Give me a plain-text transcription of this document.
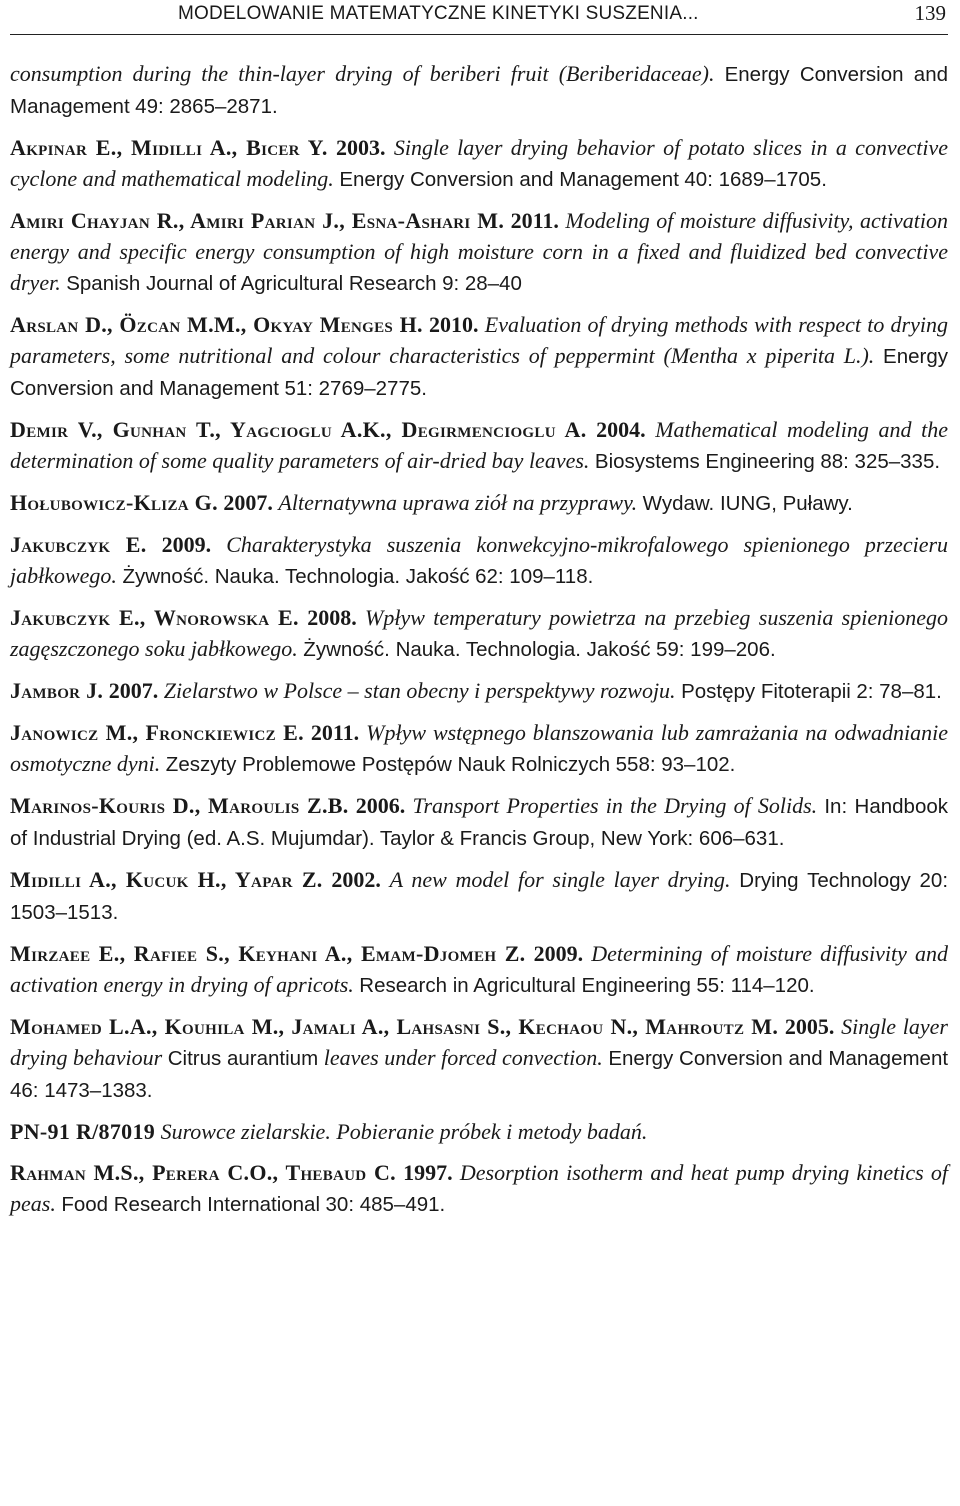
MODELOWANIE MATEMATYCZNE KINETYKI SUSZENIA...	139

consumption during the thin-layer drying of beriberi fruit (Beriberidaceae). Energy Conversion and Management 49: 2865–2871.

Akpinar E., Midilli A., Bicer Y. 2003. Single layer drying behavior of potato slices in a convective cyclone and mathematical modeling. Energy Conversion and Management 40: 1689–1705.

Amiri Chayjan R., Amiri Parian J., Esna-Ashari M. 2011. Modeling of moisture diffusivity, activation energy and specific energy consumption of high moisture corn in a fixed and fluidized bed convective dryer. Spanish Journal of Agricultural Research 9: 28–40

Arslan D., Özcan M.M., Okyay Menges H. 2010. Evaluation of drying methods with respect to drying parameters, some nutritional and colour characteristics of peppermint (Mentha x piperita L.). Energy Conversion and Management 51: 2769–2775.

Demir V., Gunhan T., Yagcioglu A.K., Degirmencioglu A. 2004. Mathematical modeling and the determination of some quality parameters of air-dried bay leaves. Biosystems Engineering 88: 325–335.

Hołubowicz-Kliza G. 2007. Alternatywna uprawa ziół na przyprawy. Wydaw. IUNG, Puławy.

Jakubczyk E. 2009. Charakterystyka suszenia konwekcyjno-mikrofalowego spienionego przecieru jabłkowego. Żywność. Nauka. Technologia. Jakość 62: 109–118.

Jakubczyk E., Wnorowska E. 2008. Wpływ temperatury powietrza na przebieg suszenia spienionego zagęszczonego soku jabłkowego. Żywność. Nauka. Technologia. Jakość 59: 199–206.

Jambor J. 2007. Zielarstwo w Polsce – stan obecny i perspektywy rozwoju. Postępy Fitoterapii 2: 78–81.

Janowicz M., Fronckiewicz E. 2011. Wpływ wstępnego blanszowania lub zamrażania na odwadnianie osmotyczne dyni. Zeszyty Problemowe Postępów Nauk Rolniczych 558: 93–102.

Marinos-Kouris D., Maroulis Z.B. 2006. Transport Properties in the Drying of Solids. In: Handbook of Industrial Drying (ed. A.S. Mujumdar). Taylor & Francis Group, New York: 606–631.

Midilli A., Kucuk H., Yapar Z. 2002. A new model for single layer drying. Drying Technology 20: 1503–1513.

Mirzaee E., Rafiee S., Keyhani A., Emam-Djomeh Z. 2009. Determining of moisture diffusivity and activation energy in drying of apricots. Research in Agricultural Engineering 55: 114–120.

Mohamed L.A., Kouhila M., Jamali A., Lahsasni S., Kechaou N., Mahroutz M. 2005. Single layer drying behaviour Citrus aurantium leaves under forced convection. Energy Conversion and Management 46: 1473–1383.

PN-91 R/87019 Surowce zielarskie. Pobieranie próbek i metody badań.

Rahman M.S., Perera C.O., Thebaud C. 1997. Desorption isotherm and heat pump drying kinetics of peas. Food Research International 30: 485–491.
